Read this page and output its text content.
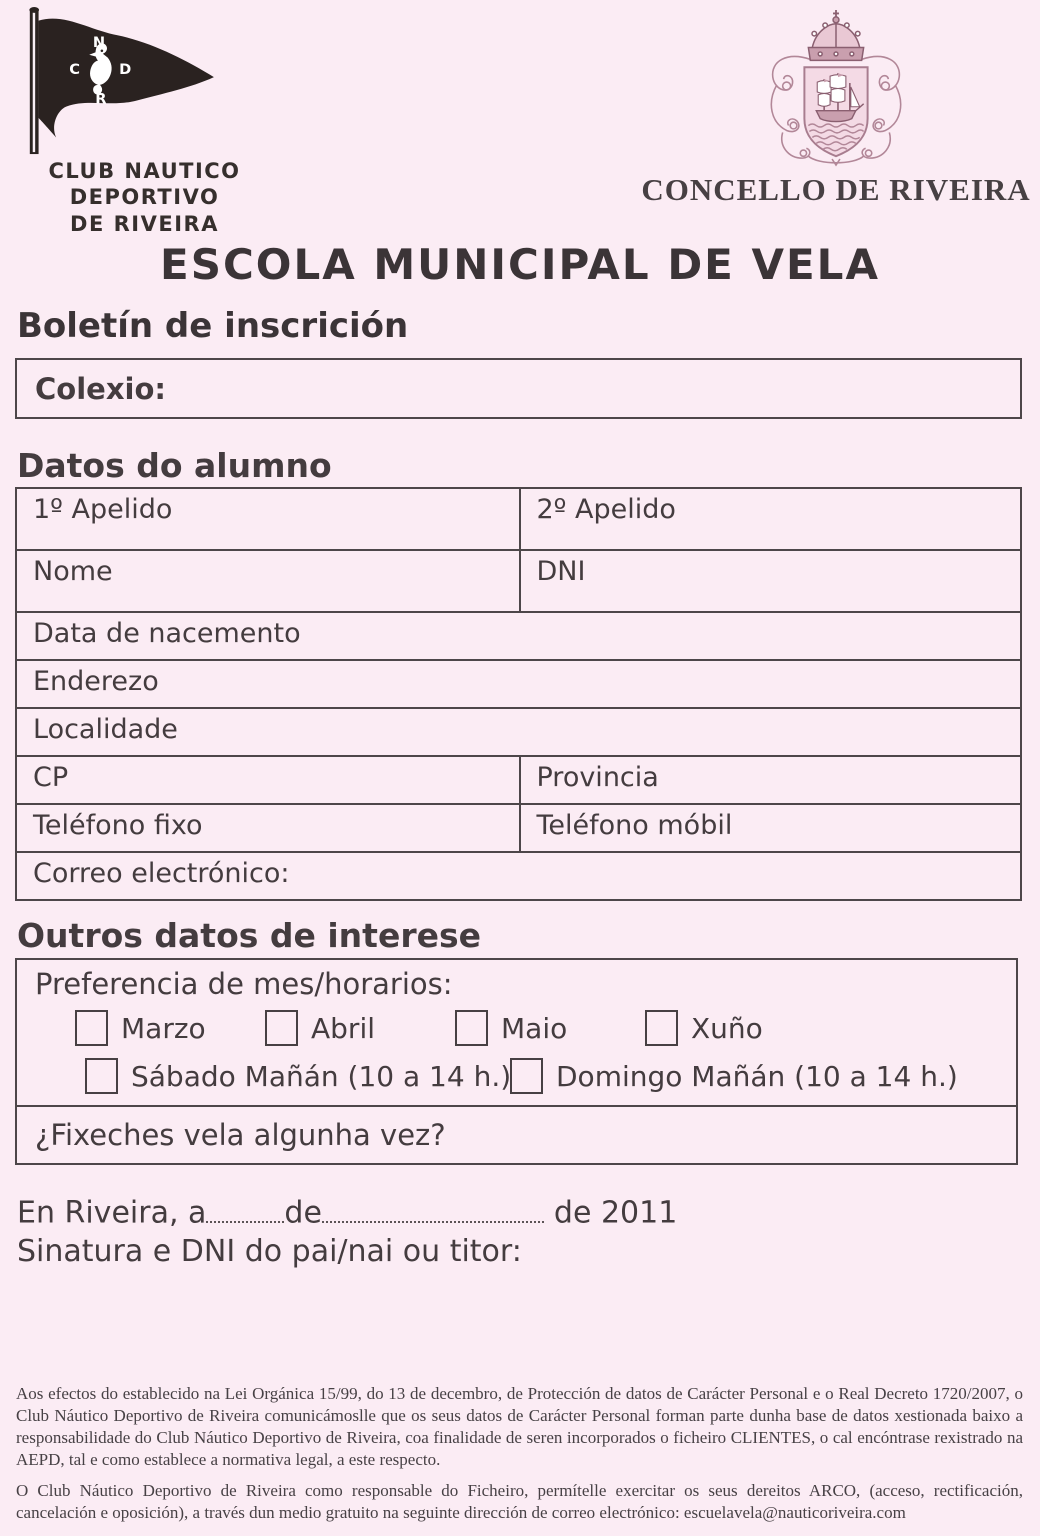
N
C	D
R
CLUB NAUTICO DEPORTIVO
DE RIVEIRA
CONCELLO DE RIVEIRA
ESCOLA MUNICIPAL DE VELA
Boletín de inscrición
Colexio:
Datos do alumno
1º Apelido	2º Apelido
Nome	DNI
Data de nacemento
Enderezo
Localidade
CP	Provincia
Teléfono fixo	Teléfono móbil
Correo electrónico:
Outros datos de interese
Preferencia de mes/horarios:
Marzo	Abril	Maio	Xuño
Sábado Mañán (10 a 14 h.) Domingo Mañán (10 a 14 h.)
¿Fixeches vela algunha vez?
En Riveira, a	de	de 2011
Sinatura e DNI do pai/nai ou titor:

Aos efectos do establecido na Lei Orgánica 15/99, do 13 de decembro, de Protección de datos de Carácter Personal e o Real Decreto 1720/2007, o Club Náutico Deportivo de Riveira comunicámoslle que os seus datos de Carácter Personal forman parte dunha base de datos xestionada baixo a responsabilidade do Club Náutico Deportivo de Riveira, coa finalidade de seren incorporados o ficheiro CLIENTES, o cal encóntrase rexistrado na AEPD, tal e como establece a normativa legal, a este respecto.

O Club Náutico Deportivo de Riveira como responsable do Ficheiro, permítelle exercitar os seus dereitos ARCO, (acceso, rectificación, cancelación e oposición), a través dun medio gratuito na seguinte dirección de correo electrónico: escuelavela@nauticoriveira.com
